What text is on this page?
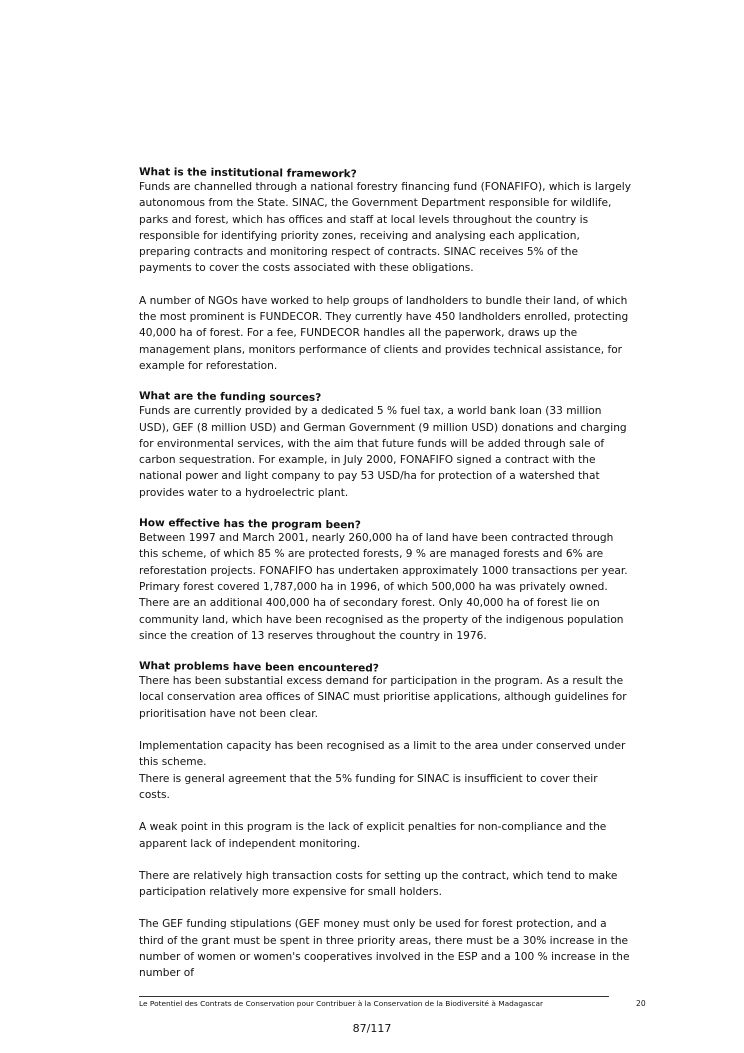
What is the institutional framework?

Funds are channelled through a national forestry financing fund (FONAFIFO), which is largely autonomous from the State. SINAC, the Government Department responsible for wildlife, parks and forest, which has offices and staff at local levels throughout the country is responsible for identifying priority zones, receiving and analysing each application, preparing contracts and monitoring respect of contracts. SINAC receives 5% of the payments to cover the costs associated with these obligations.

A number of NGOs have worked to help groups of landholders to bundle their land, of which the most prominent is FUNDECOR. They currently have 450 landholders enrolled, protecting 40,000 ha of forest. For a fee, FUNDECOR handles all the paperwork, draws up the management plans, monitors performance of clients and provides technical assistance, for example for reforestation.

What are the funding sources?

Funds are currently provided by a dedicated 5 % fuel tax, a world bank loan (33 million USD), GEF (8 million USD) and German Government (9 million USD) donations and charging for environmental services, with the aim that future funds will be added through sale of carbon sequestration. For example, in July 2000, FONAFIFO signed a contract with the national power and light company to pay 53 USD/ha for protection of a watershed that provides water to a hydroelectric plant.

How effective has the program been?

Between 1997 and March 2001, nearly 260,000 ha of land have been contracted through this scheme, of which 85 % are protected forests, 9 % are managed forests and 6% are reforestation projects. FONAFIFO has undertaken approximately 1000 transactions per year. Primary forest covered 1,787,000 ha in 1996, of which 500,000 ha was privately owned. There are an additional 400,000 ha of secondary forest. Only 40,000 ha of forest lie on community land, which have been recognised as the property of the indigenous population since the creation of 13 reserves throughout the country in 1976.

What problems have been encountered?

There has been substantial excess demand for participation in the program. As a result the local conservation area offices of SINAC must prioritise applications, although guidelines for prioritisation have not been clear.

Implementation capacity has been recognised as a limit to the area under conserved under this scheme.

There is general agreement that the 5% funding for SINAC is insufficient to cover their costs.

A weak point in this program is the lack of explicit penalties for non-compliance and the apparent lack of independent monitoring.

There are relatively high transaction costs for setting up the contract, which tend to make participation relatively more expensive for small holders.

The GEF funding stipulations (GEF money must only be used for forest protection, and a third of the grant must be spent in three priority areas, there must be a 30% increase in the number of women or women's cooperatives involved in the ESP and a 100 % increase in the number of

Le Potentiel des Contrats de Conservation pour Contribuer à la Conservation de la Biodiversité à Madagascar	20
87/117
